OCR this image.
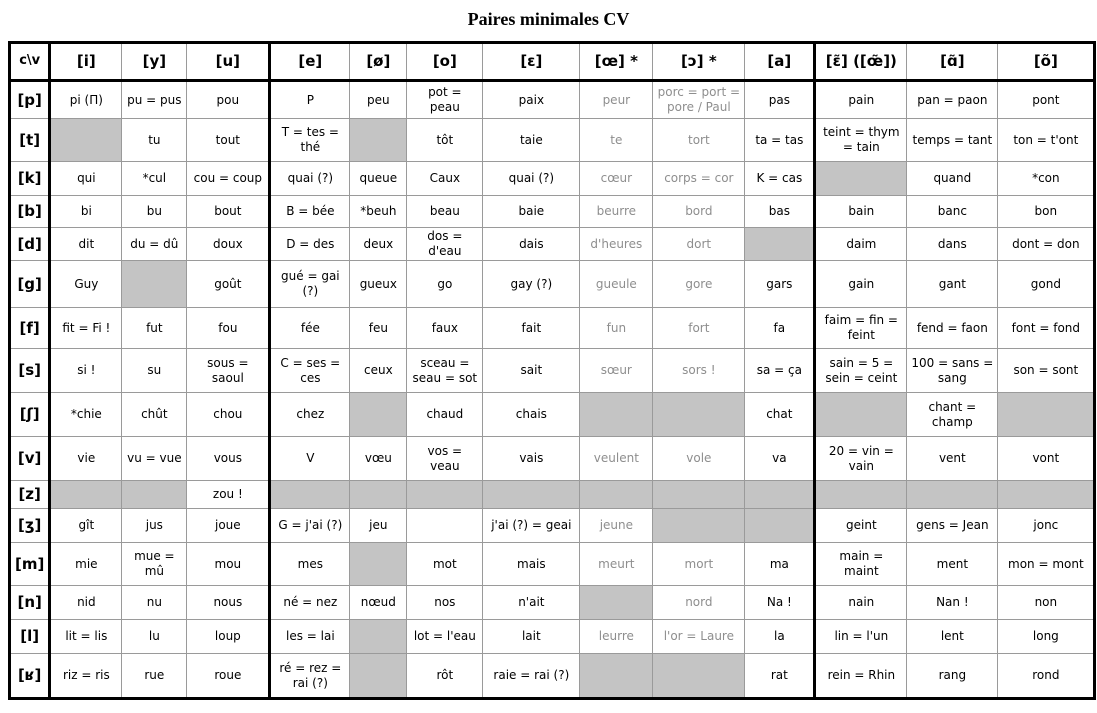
Paires minimales CV
c\v	[i]	[y]	[u]	[e]	[ø]	[o]	[ɛ]	[œ] *	[ɔ] *	[a]	[ɛ̃] ([œ̃])	[ɑ̃]	[õ]
[p]	pi (Π)	pu = pus	pou	P	peu	pot = peau	paix	peur	porc = port = pore / Paul	pas	pain	pan = paon	pont
[t]		tu	tout	T = tes = thé		tôt	taie	te	tort	ta = tas	teint = thym = tain	temps = tant	ton = t'ont
[k]	qui	*cul	cou = coup	quai (?)	queue	Caux	quai (?)	cœur	corps = cor	K = cas		quand	*con
[b]	bi	bu	bout	B = bée	*beuh	beau	baie	beurre	bord	bas	bain	banc	bon
[d]	dit	du = dû	doux	D = des	deux	dos = d'eau	dais	d'heures	dort		daim	dans	dont = don
[g]	Guy		goût	gué = gai (?)	gueux	go	gay (?)	gueule	gore	gars	gain	gant	gond
[f]	fit = Fi !	fut	fou	fée	feu	faux	fait	fun	fort	fa	faim = fin = feint	fend = faon	font = fond
[s]	si !	su	sous = saoul	C = ses = ces	ceux	sceau = seau = sot	sait	sœur	sors !	sa = ça	sain = 5 = sein = ceint	100 = sans = sang	son = sont
[ʃ]	*chie	chût	chou	chez		chaud	chais			chat		chant = champ	
[v]	vie	vu = vue	vous	V	vœu	vos = veau	vais	veulent	vole	va	20 = vin = vain	vent	vont
[z]			zou !										
[ʒ]	gît	jus	joue	G = j'ai (?)	jeu		j'ai (?) = geai	jeune			geint	gens = Jean	jonc
[m]	mie	mue = mû	mou	mes		mot	mais	meurt	mort	ma	main = maint	ment	mon = mont
[n]	nid	nu	nous	né = nez	nœud	nos	n'ait		nord	Na !	nain	Nan !	non
[l]	lit = lis	lu	loup	les = lai		lot = l'eau	lait	leurre	l'or = Laure	la	lin = l'un	lent	long
[ʁ]	riz = ris	rue	roue	ré = rez = rai (?)		rôt	raie = rai (?)			rat	rein = Rhin	rang	rond
